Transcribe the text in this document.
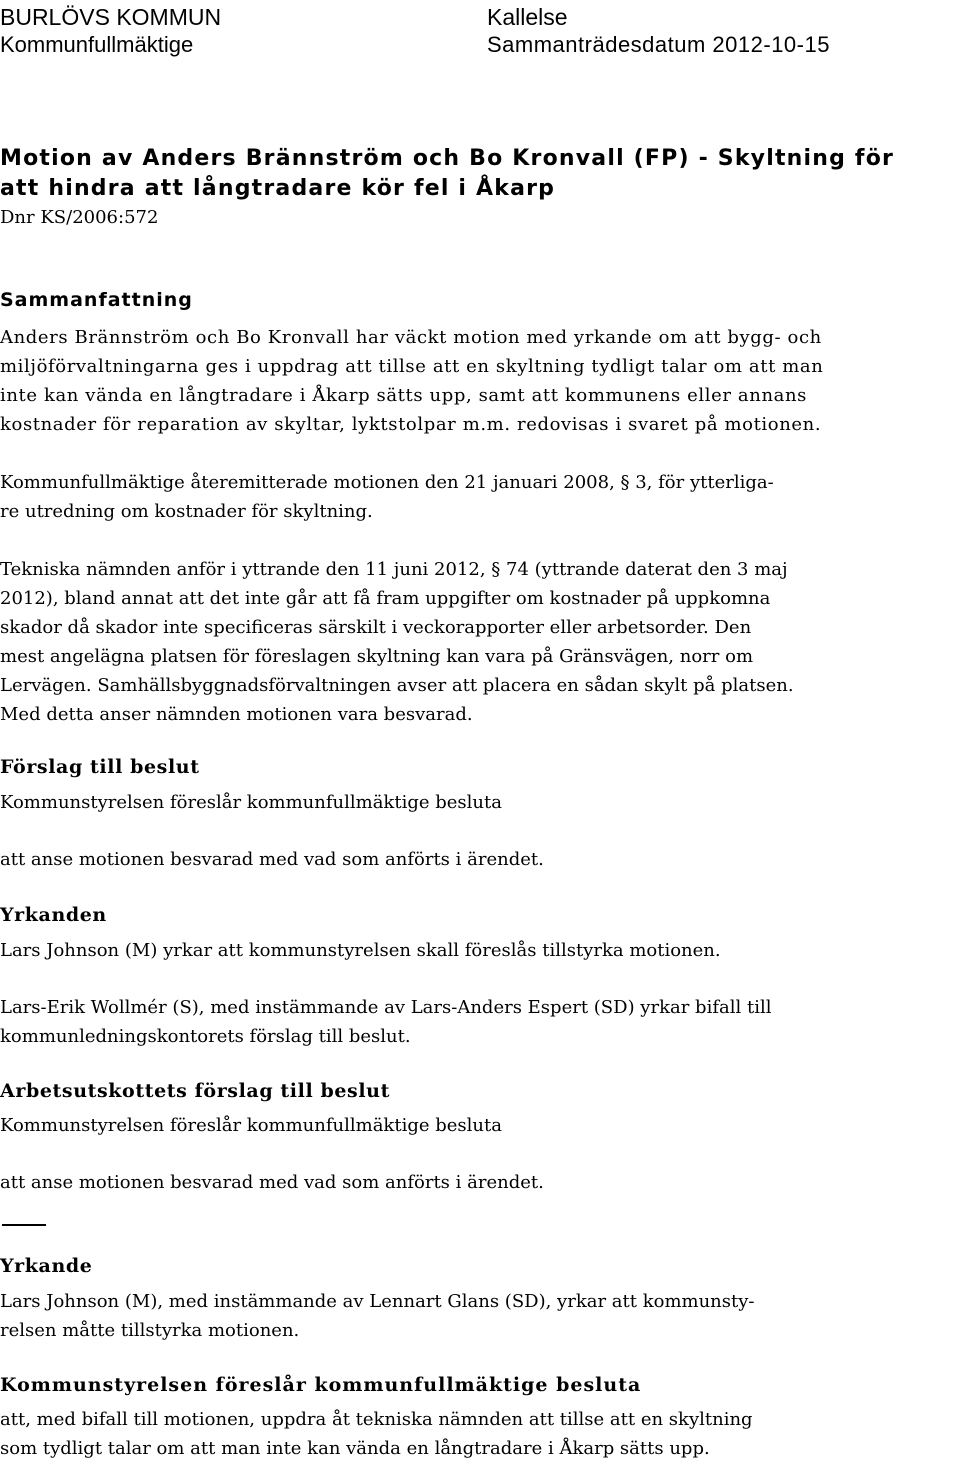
BURLÖVS KOMMUN	Kallelse
Kommunfullmäktige	Sammanträdesdatum 2012-10-15
Motion av Anders Brännström och Bo Kronvall (FP) - Skyltning för
att hindra att långtradare kör fel i Åkarp
Dnr KS/2006:572
Sammanfattning
Anders Brännström och Bo Kronvall har väckt motion med yrkande om att bygg- och
miljöförvaltningarna ges i uppdrag att tillse att en skyltning tydligt talar om att man
inte kan vända en långtradare i Åkarp sätts upp, samt att kommunens eller annans
kostnader för reparation av skyltar, lyktstolpar m.m. redovisas i svaret på motionen.
Kommunfullmäktige återemitterade motionen den 21 januari 2008, § 3, för ytterliga-
re utredning om kostnader för skyltning.
Tekniska nämnden anför i yttrande den 11 juni 2012, § 74 (yttrande daterat den 3 maj
2012), bland annat att det inte går att få fram uppgifter om kostnader på uppkomna
skador då skador inte specificeras särskilt i veckorapporter eller arbetsorder. Den
mest angelägna platsen för föreslagen skyltning kan vara på Gränsvägen, norr om
Lervägen. Samhällsbyggnadsförvaltningen avser att placera en sådan skylt på platsen.
Med detta anser nämnden motionen vara besvarad.
Förslag till beslut
Kommunstyrelsen föreslår kommunfullmäktige besluta
att anse motionen besvarad med vad som anförts i ärendet.
Yrkanden
Lars Johnson (M) yrkar att kommunstyrelsen skall föreslås tillstyrka motionen.
Lars-Erik Wollmér (S), med instämmande av Lars-Anders Espert (SD) yrkar bifall till
kommunledningskontorets förslag till beslut.
Arbetsutskottets förslag till beslut
Kommunstyrelsen föreslår kommunfullmäktige besluta
att anse motionen besvarad med vad som anförts i ärendet.
Yrkande
Lars Johnson (M), med instämmande av Lennart Glans (SD), yrkar att kommunsty-
relsen måtte tillstyrka motionen.
Kommunstyrelsen föreslår kommunfullmäktige besluta
att, med bifall till motionen, uppdra åt tekniska nämnden att tillse att en skyltning
som tydligt talar om att man inte kan vända en långtradare i Åkarp sätts upp.
